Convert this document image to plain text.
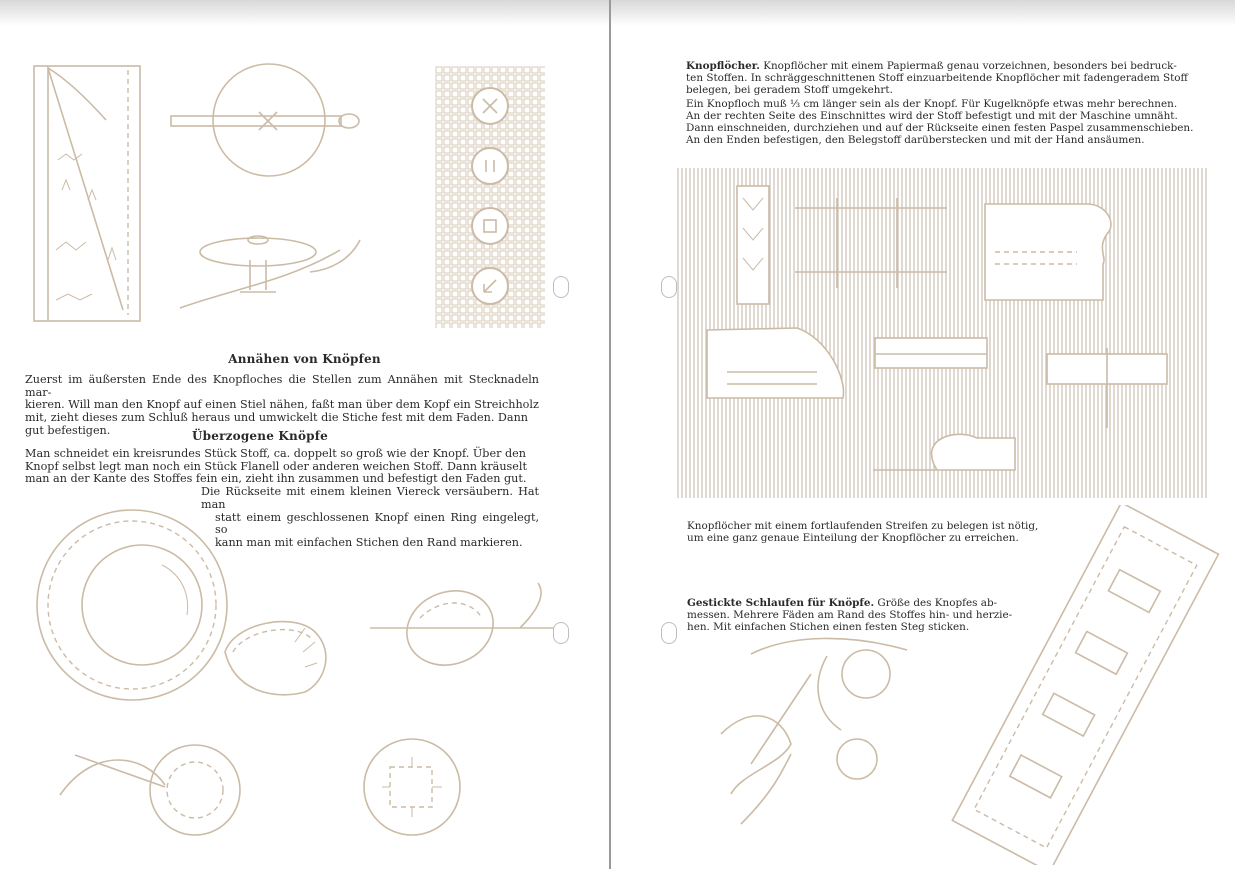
Annähen von Knöpfen
Zuerst im äußersten Ende des Knopfloches die Stellen zum Annähen mit Stecknadeln mar-
kieren. Will man den Knopf auf einen Stiel nähen, faßt man über dem Kopf ein Streichholz
mit, zieht dieses zum Schluß heraus und umwickelt die Stiche fest mit dem Faden. Dann
gut befestigen.	Überzogene Knöpfe
Man schneidet ein kreisrundes Stück Stoff, ca. doppelt so groß wie der Knopf. Über den
Knopf selbst legt man noch ein Stück Flanell oder anderen weichen Stoff. Dann kräuselt
man an der Kante des Stoffes fein ein, zieht ihn zusammen und befestigt den Faden gut.
Die Rückseite mit einem kleinen Viereck versäubern. Hat man
statt einem geschlossenen Knopf einen Ring eingelegt, so
kann man mit einfachen Stichen den Rand markieren.
Knopflöcher. Knopflöcher mit einem Papiermaß genau vorzeichnen, besonders bei bedruck-
ten Stoffen. In schräggeschnittenen Stoff einzuarbeitende Knopflöcher mit fadengeradem Stoff
belegen, bei geradem Stoff umgekehrt.
Ein Knopfloch muß ⅓ cm länger sein als der Knopf. Für Kugelknöpfe etwas mehr berechnen.
An der rechten Seite des Einschnittes wird der Stoff befestigt und mit der Maschine umnäht.
Dann einschneiden, durchziehen und auf der Rückseite einen festen Paspel zusammenschieben.
An den Enden befestigen, den Belegstoff darüberstecken und mit der Hand ansäumen.
Knopflöcher mit einem fortlaufenden Streifen zu belegen ist nötig,
um eine ganz genaue Einteilung der Knopflöcher zu erreichen.
Gestickte Schlaufen für Knöpfe. Größe des Knopfes ab-
messen. Mehrere Fäden am Rand des Stoffes hin- und herzie-
hen. Mit einfachen Stichen einen festen Steg sticken.
